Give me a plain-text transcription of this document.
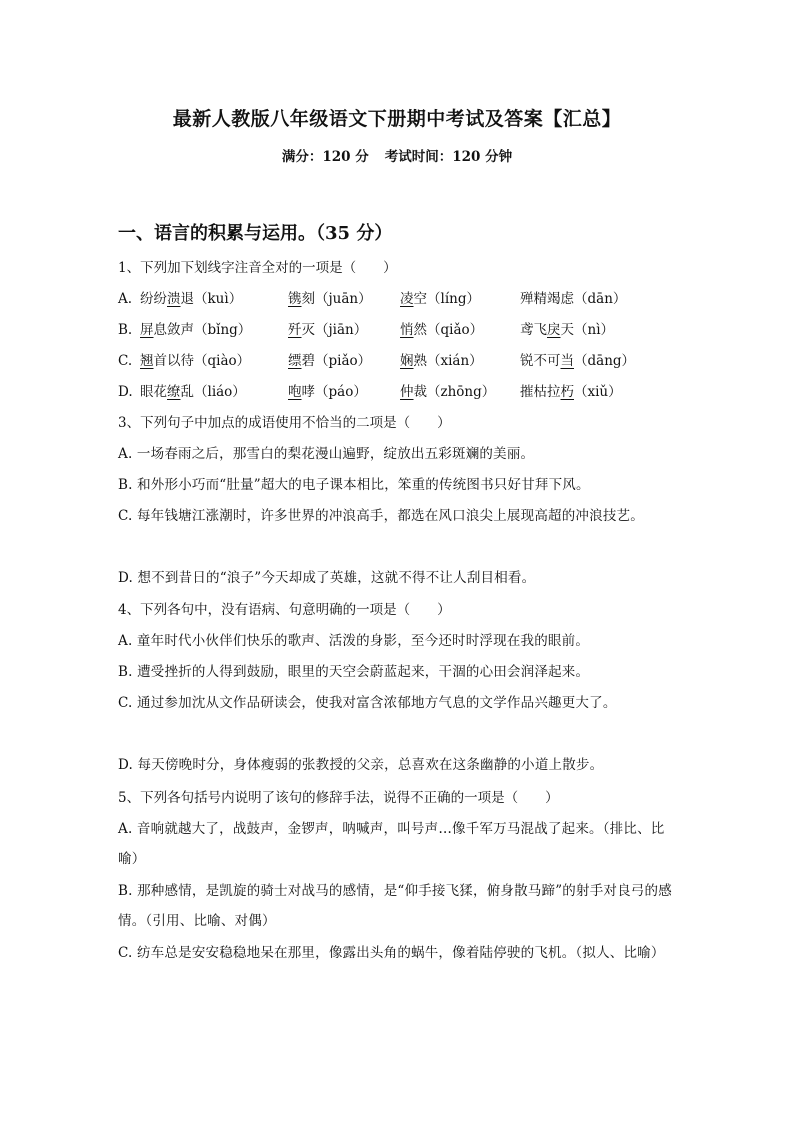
最新人教版八年级语文下册期中考试及答案【汇总】
满分：120 分 考试时间：120 分钟
一、语言的积累与运用。（35 分）
1、下列加下划线字注音全对的一项是（　　）
A. 纷纷溃退（kuì）	镌刻（juān） 凌空（líng）	殚精竭虑（dān）
B. 屏息敛声（bǐng）	歼灭（jiān） 悄然（qiǎo）	鸢飞戾天（nì）
C. 翘首以待（qiào）	缥碧（piǎo） 娴熟（xián）	锐不可当（dāng）
D. 眼花缭乱（liáo）	咆哮（páo） 仲裁（zhōng） 摧枯拉朽（xiǔ）
3、下列句子中加点的成语使用不恰当的二项是（　　）
A. 一场春雨之后，那雪白的梨花漫山遍野，绽放出五彩斑斓的美丽。
B. 和外形小巧而“肚量”超大的电子课本相比，笨重的传统图书只好甘拜下风。
C. 每年钱塘江涨潮时，许多世界的冲浪高手，都选在风口浪尖上展现高超的冲浪技艺。
D. 想不到昔日的“浪子”今天却成了英雄，这就不得不让人刮目相看。
4、下列各句中，没有语病、句意明确的一项是（　　）
A. 童年时代小伙伴们快乐的歌声、活泼的身影，至今还时时浮现在我的眼前。
B. 遭受挫折的人得到鼓励，眼里的天空会蔚蓝起来，干涸的心田会润泽起来。
C. 通过参加沈从文作品研读会，使我对富含浓郁地方气息的文学作品兴趣更大了。
D. 每天傍晚时分，身体瘦弱的张教授的父亲，总喜欢在这条幽静的小道上散步。
5、下列各句括号内说明了该句的修辞手法，说得不正确的一项是（　　）
A. 音响就越大了，战鼓声，金锣声，呐喊声，叫号声…像千军万马混战了起来。（排比、比喻）
B. 那种感情，是凯旋的骑士对战马的感情，是“仰手接飞猱，俯身散马蹄”的射手对良弓的感情。（引用、比喻、对偶）
C. 纺车总是安安稳稳地呆在那里，像露出头角的蜗牛，像着陆停驶的飞机。（拟人、比喻）
